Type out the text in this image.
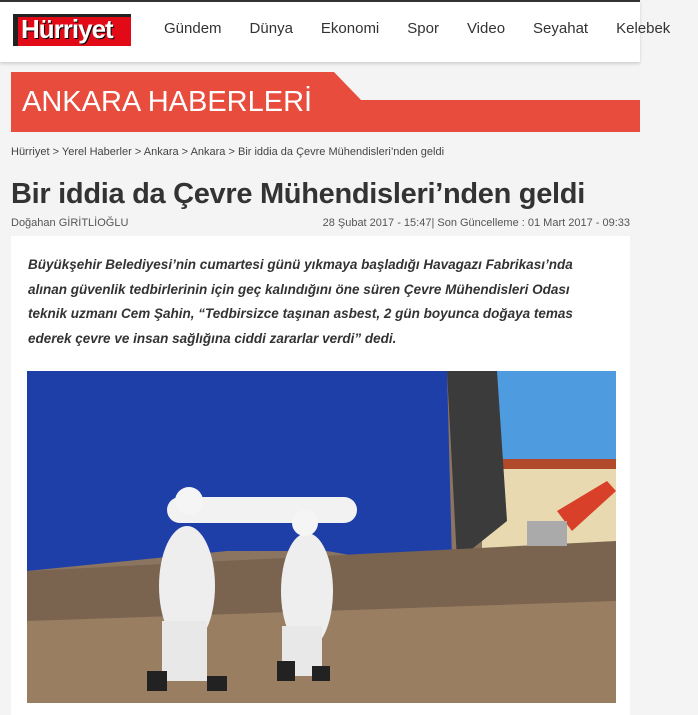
Hürriyet	Gündem Dünya Ekonomi Spor Video Seyahat Kelebek
ANKARA HABERLERİ
Hürriyet > Yerel Haberler > Ankara > Ankara > Bir iddia da Çevre Mühendisleri’nden geldi
Bir iddia da Çevre Mühendisleri’nden geldi
Doğahan GİRİTLİOĞLU	28 Şubat 2017 - 15:47| Son Güncelleme : 01 Mart 2017 - 09:33
Büyükşehir Belediyesi’nin cumartesi günü yıkmaya başladığı Havagazı Fabrikası’nda alınan güvenlik tedbirlerinin için geç kalındığını öne süren Çevre Mühendisleri Odası teknik uzmanı Cem Şahin, “Tedbirsizce taşınan asbest, 2 gün boyunca doğaya temas ederek çevre ve insan sağlığına ciddi zararlar verdi” dedi.
